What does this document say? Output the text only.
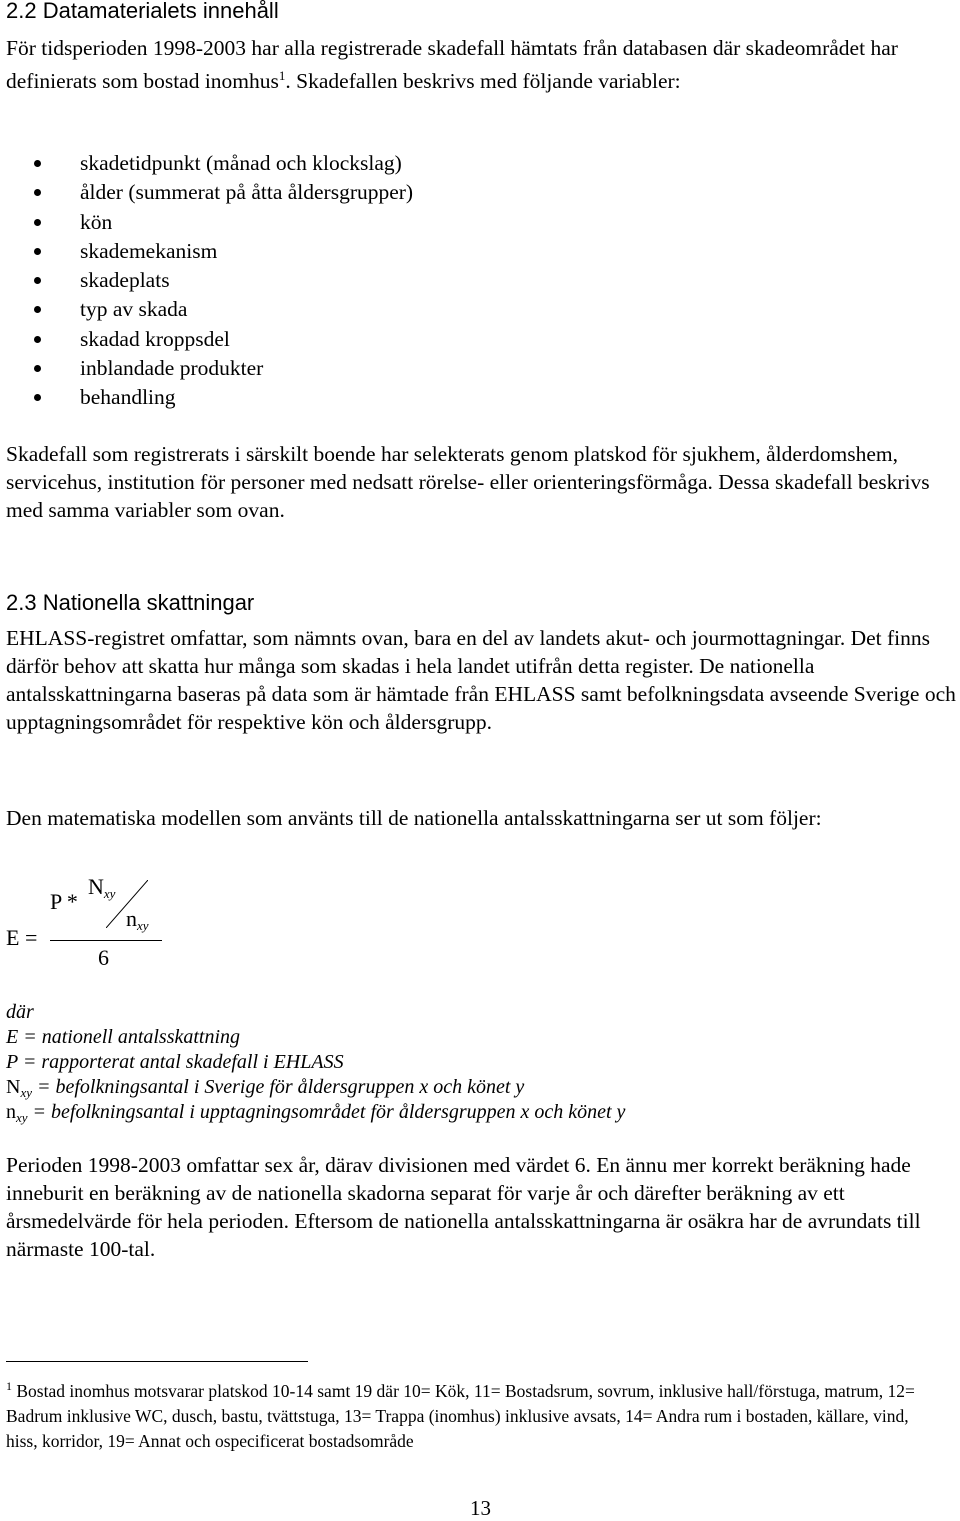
2.2 Datamaterialets innehåll
För tidsperioden 1998-2003 har alla registrerade skadefall hämtats från databasen där skadeområdet har definierats som bostad inomhus$^1$. Skadefallen beskrivs med följande variabler:
skadetidpunkt (månad och klockslag)
ålder (summerat på åtta åldersgrupper)
kön
skademekanism
skadeplats
typ av skada
skadad kroppsdel
inblandade produkter
behandling
Skadefall som registrerats i särskilt boende har selekterats genom platskod för sjukhem, ålderdomshem, servicehus, institution för personer med nedsatt rörelse- eller orienteringsförmåga. Dessa skadefall beskrivs med samma variabler som ovan.
2.3 Nationella skattningar
EHLASS-registret omfattar, som nämnts ovan, bara en del av landets akut- och jourmottagningar. Det finns därför behov att skatta hur många som skadas i hela landet utifrån detta register. De nationella antalsskattningarna baseras på data som är hämtade från EHLASS samt befolkningsdata avseende Sverige och upptagningsområdet för respektive kön och åldersgrupp.
Den matematiska modellen som använts till de nationella antalsskattningarna ser ut som följer:
E =
P *
$N_{xy}$
$n_{xy}$
6
där
E = nationell antalsskattning
P = rapporterat antal skadefall i EHLASS
$N_{xy}$ = befolkningsantal i Sverige för åldersgruppen x och könet y
$n_{xy}$ = befolkningsantal i upptagningsområdet för åldersgruppen x och könet y
Perioden 1998-2003 omfattar sex år, därav divisionen med värdet 6. En ännu mer korrekt beräkning hade inneburit en beräkning av de nationella skadorna separat för varje år och därefter beräkning av ett årsmedelvärde för hela perioden. Eftersom de nationella antalsskattningarna är osäkra har de avrundats till närmaste 100-tal.
$^1$ Bostad inomhus motsvarar platskod 10-14 samt 19 där 10= Kök, 11= Bostadsrum, sovrum, inklusive hall/förstuga, matrum, 12= Badrum inklusive WC, dusch, bastu, tvättstuga, 13= Trappa (inomhus) inklusive avsats, 14= Andra rum i bostaden, källare, vind, hiss, korridor, 19= Annat och ospecificerat bostadsområde
13
